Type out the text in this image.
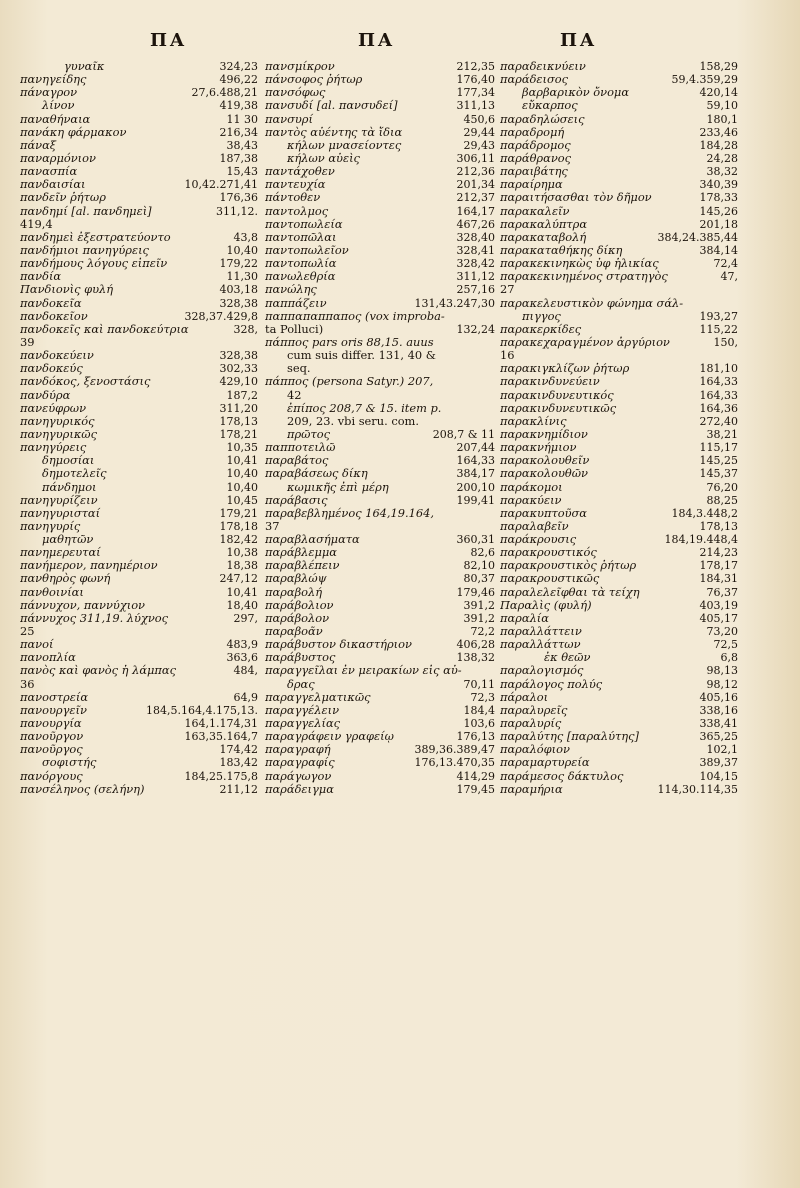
ΠΑ	ΠΑ	ΠΑ
γυναῖκ	324,23
πανηγείδης	496,22
πάναγρον	27,6.488,21
λίνον	419,38
παναθήναια	11 30
πανάκη φάρμακον	216,34
πάναξ	38,43
παναρμόνιον	187,38
πανασπία	15,43
πανδαισίαι	10,42.271,41
πανδεῖν ῥήτωρ	176,36
πανδημί [al. πανδημεὶ]	311,12.
419,4
πανδημεὶ ἐξεστρατεύοντο	43,8
πανδήμιοι πανηγύρεις	10,40
πανδήμους λόγους εἰπεῖν	179,22
πανδία	11,30
Πανδιονὶς φυλή	403,18
πανδοκεῖα	328,38
πανδοκεῖον	328,37.429,8
πανδοκεῖς καὶ πανδοκεύτρια	328,
39
πανδοκεύειν	328,38
πανδοκεύς	302,33
πανδόκος, ξενοστάσις	429,10
πανδύρα	187,2
πανεύφρων	311,20
πανηγυρικός	178,13
πανηγυρικῶς	178,21
πανηγύρεις	10,35
δημοσίαι	10,41
δημοτελεῖς	10,40
πάνδημοι	10,40
πανηγυρίζειν	10,45
πανηγυρισταί	179,21
πανηγυρίς	178,18
μαθητῶν	182,42
πανημερευταί	10,38
πανήμερον, πανημέριον	18,38
πανθηρὸς φωνή	247,12
πανθοινίαι	10,41
πάννυχον, παννύχιον	18,40
πάννυχος 311,19. λύχνος	297,
25
πανοί	483,9
πανοπλία	363,6
πανὸς καὶ φανὸς ἡ λάμπας	484,
36
πανοστρεία	64,9
πανουργεῖν	184,5.164,4.175,13.
πανουργία	164,1.174,31
πανοῦργον	163,35.164,7
πανοῦργος	174,42
σοφιστής	183,42
πανόργους	184,25.175,8
πανσέληνος (σελήνη)	211,12
πανσμίκρον	212,35
πάνσοφος ῥήτωρ	176,40
πανσόφως	177,34
πανσυδί [al. πανσυδεί]	311,13
πανσυρί	450,6
παντὸς αὐέντης τὰ ἴδια	29,44
κήλων μνασείοντες	29,43
κήλων αὐεὶς	306,11
παντάχοθεν	212,36
παντευχία	201,34
πάντοθεν	212,37
παντολμος	164,17
παντοπωλεία	467,26
παντοπῶλαι	328,40
παντοπωλεῖον	328,41
παντοπωλία	328,42
πανωλεθρία	311,12
πανώλης	257,16
παππάζειν	131,43.247,30
παππαπαππαπος (vox improba-
ta Polluci)	132,24
πάππος pars oris 88,15. auus
cum suis differ. 131, 40 &
seq.
πάππος (persona Satyr.) 207,
42
ἐπίπος 208,7 & 15. item p.
209, 23. vbi seru. com.
πρῶτος	208,7 & 11
παπποτειλῶ	207,44
παραβάτος	164,33
παραβάσεως δίκη	384,17
κωμικῆς ἐπὶ μέρη	200,10
παράβασις	199,41
παραβεβλημένος 164,19.164,
37
παραβλασήματα	360,31
παράβλεμμα	82,6
παραβλέπειν	82,10
παραβλώψ	80,37
παραβολή	179,46
παράβολιον	391,2
παράβολον	391,2
παραβοᾶν	72,2
παράβυστον δικαστήριον	406,28
παράβυστος	138,32
παραγγεῖλαι ἐν μειρακίων εἰς αὐ-
δρας	70,11
παραγγελματικῶς	72,3
παραγγέλειν	184,4
παραγγελίας	103,6
παραγράφειν γραφείῳ	176,13
παραγραφή	389,36.389,47
παραγραφίς	176,13.470,35
παράγωγον	414,29
παράδειγμα	179,45
παραδεικνύειν	158,29
παράδεισος	59,4.359,29
βαρβαρικὸν ὄνομα	420,14
εὔκαρπος	59,10
παραδηλώσεις	180,1
παραδρομή	233,46
παράδρομος	184,28
παράθρανος	24,28
παραιβάτης	38,32
παραίρημα	340,39
παραιτήσασθαι τὸν δῆμον	178,33
παρακαλεῖν	145,26
παρακαλύπτρα	201,18
παρακαταβολή	384,24.385,44
παρακαταθήκης δίκη	384,14
παρακεκινηκὼς ὑφ ἡλικίας	72,4
παρακεκινημένος στρατηγὸς	47,
27
παρακελευστικὸν φώνημα σάλ-
πιγγος	193,27
παρακερκίδες	115,22
παρακεχαραγμένον ἀργύριον	150,
16
παρακιγκλίζων ῥήτωρ	181,10
παρακινδυνεύειν	164,33
παρακινδυνευτικός	164,33
παρακινδυνευτικῶς	164,36
παρακλίνις	272,40
παρακνημίδιον	38,21
παρακνήμιον	115,17
παρακολουθεῖν	145,25
παρακολουθῶν	145,37
παράκομοι	76,20
παρακύειν	88,25
παρακυπτοῦσα	184,3.448,2
παραλαβεῖν	178,13
παράκρουσις	184,19.448,4
παρακρουστικός	214,23
παρακρουστικὸς ῥήτωρ	178,17
παρακρουστικῶς	184,31
παραλελεῖφθαι τὰ τείχη	76,37
Παραλὶς (φυλή)	403,19
παραλία	405,17
παραλλάττειν	73,20
παραλλάττων	72,5
ἐκ θεῶν	6,8
παραλογισμός	98,13
παράλογος πολύς	98,12
πάραλοι	405,16
παραλυρεῖς	338,16
παραλυρίς	338,41
παραλύτης [παραλύτης]	365,25
παραλόφιον	102,1
παραμαρτυρεία	389,37
παράμεσος δάκτυλος	104,15
παραμήρια	114,30.114,35
